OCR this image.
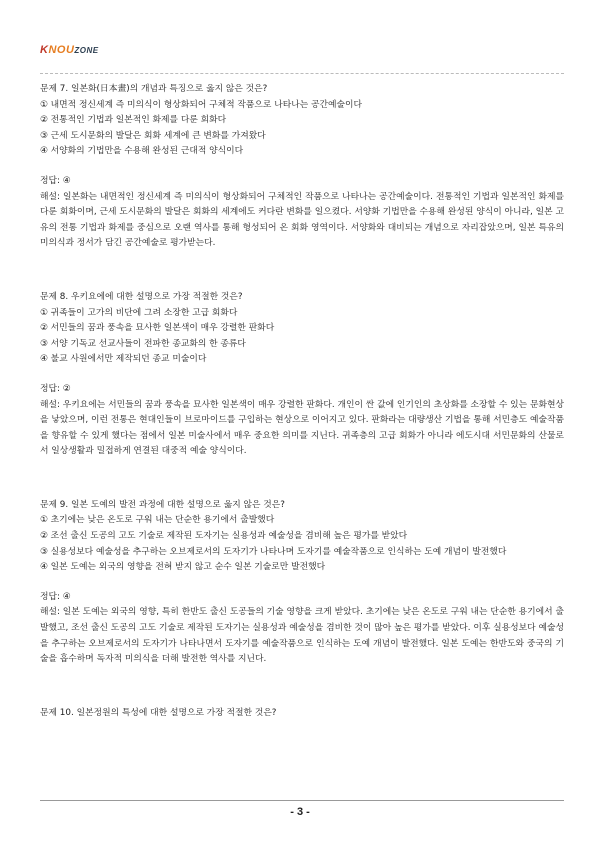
KNOUZONE

문제 7. 일본화(日本畫)의 개념과 특징으로 옳지 않은 것은?

① 내면적 정신세계 즉 미의식이 형상화되어 구체적 작품으로 나타나는 공간예술이다

② 전통적인 기법과 일본적인 화제를 다룬 회화다

③ 근세 도시문화의 발달은 회화 세계에 큰 변화를 가져왔다

④ 서양화의 기법만을 수용해 완성된 근대적 양식이다

정답: ④

해설: 일본화는 내면적인 정신세계 즉 미의식이 형상화되어 구체적인 작품으로 나타나는 공간예술이다. 전통적인 기법과 일본적인 화제를 다룬 회화이며, 근세 도시문화의 발달은 회화의 세계에도 커다란 변화를 일으켰다. 서양화 기법만을 수용해 완성된 양식이 아니라, 일본 고유의 전통 기법과 화제를 중심으로 오랜 역사를 통해 형성되어 온 회화 영역이다. 서양화와 대비되는 개념으로 자리잡았으며, 일본 특유의 미의식과 정서가 담긴 공간예술로 평가받는다.

문제 8. 우키요에에 대한 설명으로 가장 적절한 것은?

① 귀족들이 고가의 비단에 그려 소장한 고급 회화다

② 서민들의 꿈과 풍속을 묘사한 일본색이 매우 강렬한 판화다

③ 서양 기독교 선교사들이 전파한 종교화의 한 종류다

④ 불교 사원에서만 제작되던 종교 미술이다

정답: ②

해설: 우키요에는 서민들의 꿈과 풍속을 묘사한 일본색이 매우 강렬한 판화다. 개인이 싼 값에 인기인의 초상화를 소장할 수 있는 문화현상을 낳았으며, 이런 전통은 현대인들이 브로마이드를 구입하는 현상으로 이어지고 있다. 판화라는 대량생산 기법을 통해 서민층도 예술작품을 향유할 수 있게 했다는 점에서 일본 미술사에서 매우 중요한 의미를 지닌다. 귀족층의 고급 회화가 아니라 에도시대 서민문화의 산물로서 일상생활과 밀접하게 연결된 대중적 예술 양식이다.

문제 9. 일본 도예의 발전 과정에 대한 설명으로 옳지 않은 것은?

① 초기에는 낮은 온도로 구워 내는 단순한 용기에서 출발했다

② 조선 출신 도공의 고도 기술로 제작된 도자기는 실용성과 예술성을 겸비해 높은 평가를 받았다

③ 실용성보다 예술성을 추구하는 오브제로서의 도자기가 나타나며 도자기를 예술작품으로 인식하는 도예 개념이 발전했다

④ 일본 도예는 외국의 영향을 전혀 받지 않고 순수 일본 기술로만 발전했다

정답: ④

해설: 일본 도예는 외국의 영향, 특히 한반도 출신 도공들의 기술 영향을 크게 받았다. 초기에는 낮은 온도로 구워 내는 단순한 용기에서 출발했고, 조선 출신 도공의 고도 기술로 제작된 도자기는 실용성과 예술성을 겸비한 것이 많아 높은 평가를 받았다. 이후 실용성보다 예술성을 추구하는 오브제로서의 도자기가 나타나면서 도자기를 예술작품으로 인식하는 도예 개념이 발전했다. 일본 도예는 한반도와 중국의 기술을 흡수하며 독자적 미의식을 더해 발전한 역사를 지닌다.

문제 10. 일본정원의 특성에 대한 설명으로 가장 적절한 것은?

- 3 -
